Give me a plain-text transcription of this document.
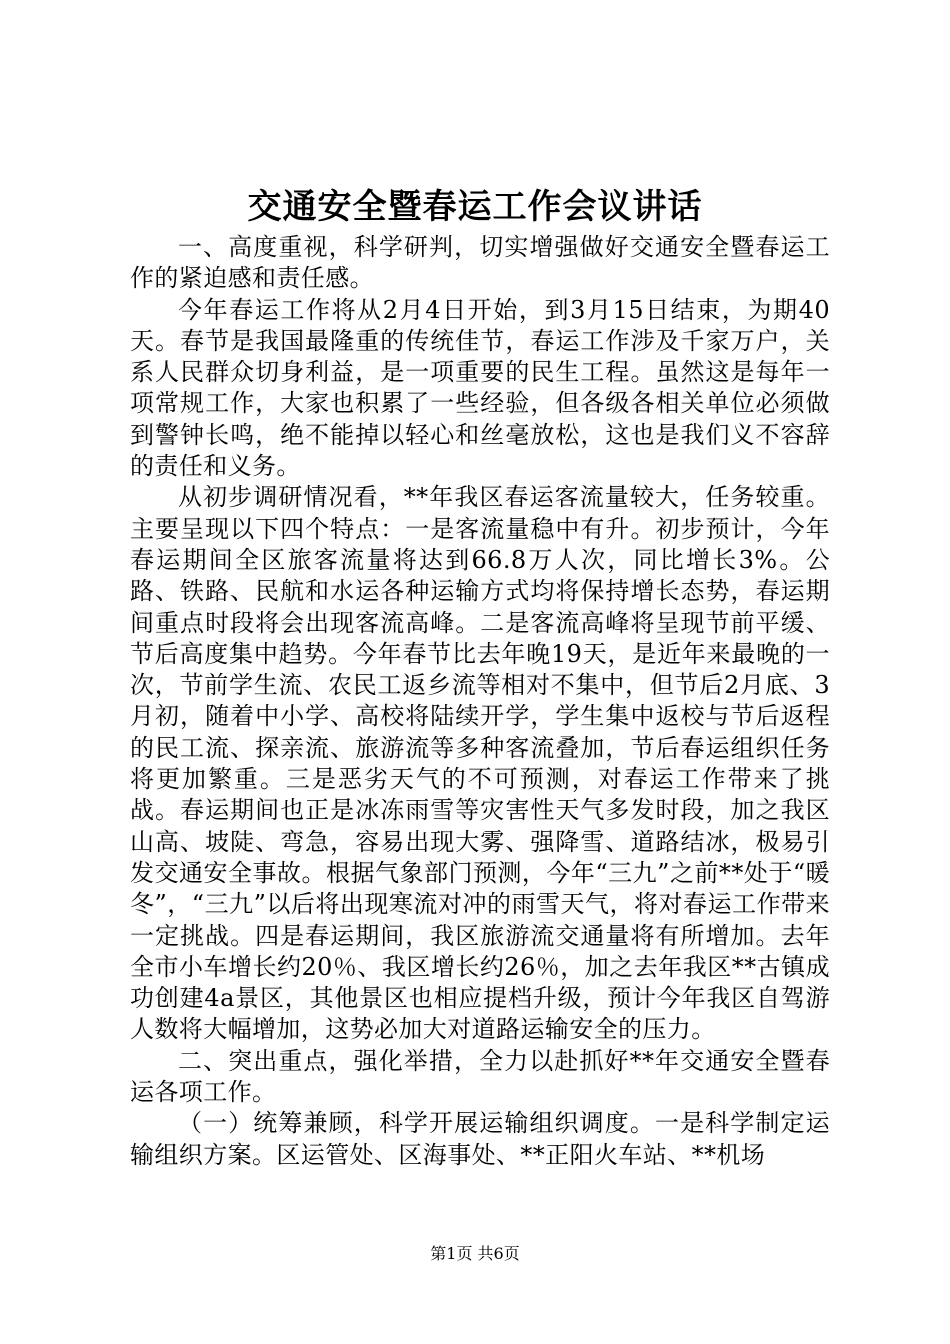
交通安全暨春运工作会议讲话

一、高度重视，科学研判，切实增强做好交通安全暨春运工作的紧迫感和责任感。

今年春运工作将从2月4日开始，到3月15日结束，为期40天。春节是我国最隆重的传统佳节，春运工作涉及千家万户，关系人民群众切身利益，是一项重要的民生工程。虽然这是每年一项常规工作，大家也积累了一些经验，但各级各相关单位必须做到警钟长鸣，绝不能掉以轻心和丝毫放松，这也是我们义不容辞的责任和义务。

从初步调研情况看，**年我区春运客流量较大，任务较重。主要呈现以下四个特点：一是客流量稳中有升。初步预计，今年春运期间全区旅客流量将达到66.8万人次，同比增长3%。公路、铁路、民航和水运各种运输方式均将保持增长态势，春运期间重点时段将会出现客流高峰。二是客流高峰将呈现节前平缓、节后高度集中趋势。今年春节比去年晚19天，是近年来最晚的一次，节前学生流、农民工返乡流等相对不集中，但节后2月底、3月初，随着中小学、高校将陆续开学，学生集中返校与节后返程的民工流、探亲流、旅游流等多种客流叠加，节后春运组织任务将更加繁重。三是恶劣天气的不可预测，对春运工作带来了挑战。春运期间也正是冰冻雨雪等灾害性天气多发时段，加之我区山高、坡陡、弯急，容易出现大雾、强降雪、道路结冰，极易引发交通安全事故。根据气象部门预测，今年“三九”之前**处于“暖冬”，“三九”以后将出现寒流对冲的雨雪天气，将对春运工作带来一定挑战。四是春运期间，我区旅游流交通量将有所增加。去年全市小车增长约20％、我区增长约26％，加之去年我区**古镇成功创建4a景区，其他景区也相应提档升级，预计今年我区自驾游人数将大幅增加，这势必加大对道路运输安全的压力。

二、突出重点，强化举措，全力以赴抓好**年交通安全暨春运各项工作。

（一）统筹兼顾，科学开展运输组织调度。一是科学制定运输组织方案。区运管处、区海事处、**正阳火车站、**机场

第1页 共6页
